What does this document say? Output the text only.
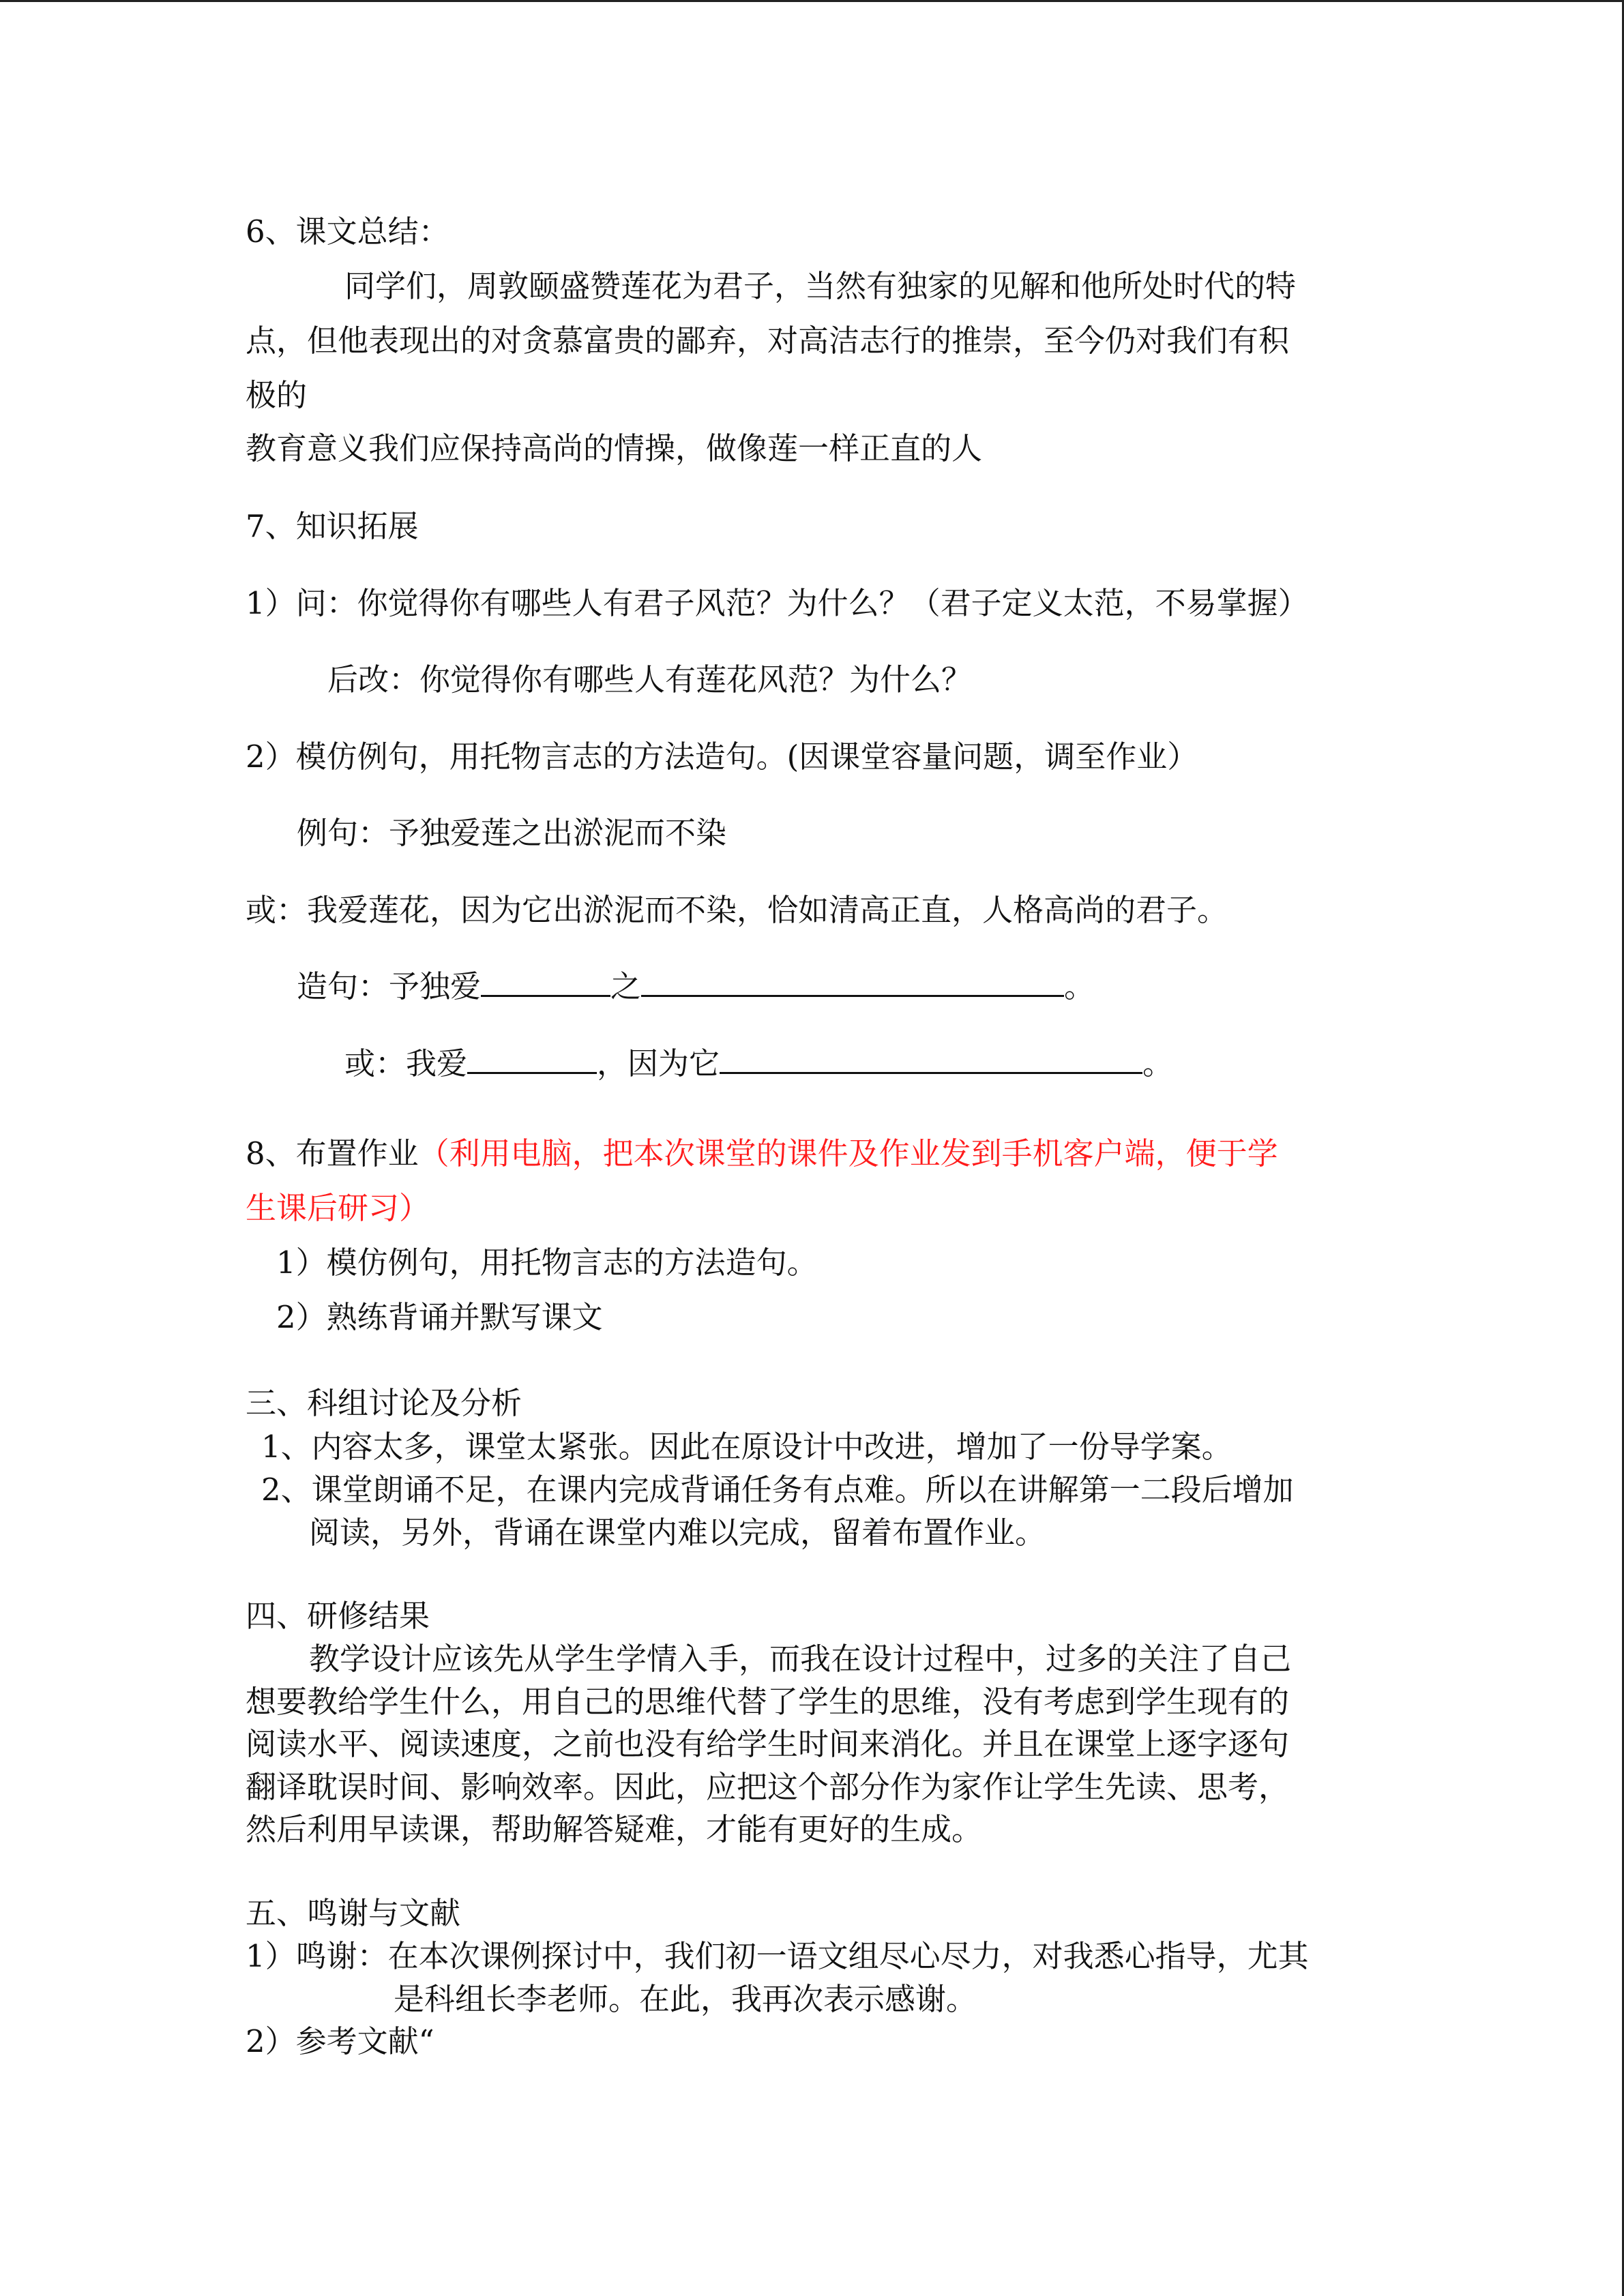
6、课文总结：
同学们，周敦颐盛赞莲花为君子，当然有独家的见解和他所处时代的特
点，但他表现出的对贪慕富贵的鄙弃，对高洁志行的推崇，至今仍对我们有积
极的
教育意义我们应保持高尚的情操，做像莲一样正直的人
7、知识拓展
1）问：你觉得你有哪些人有君子风范？为什么？（君子定义太范，不易掌握）
后改：你觉得你有哪些人有莲花风范？为什么？
2）模仿例句，用托物言志的方法造句。(因课堂容量问题，调至作业）
例句：予独爱莲之出淤泥而不染
或：我爱莲花，因为它出淤泥而不染，恰如清高正直，人格高尚的君子。
造句：予独爱	之	。
或：我爱	，因为它	。
8、布置作业（利用电脑，把本次课堂的课件及作业发到手机客户端，便于学
生课后研习）
1）模仿例句，用托物言志的方法造句。
2）熟练背诵并默写课文
三、科组讨论及分析
1、内容太多，课堂太紧张。因此在原设计中改进，增加了一份导学案。
2、课堂朗诵不足，在课内完成背诵任务有点难。所以在讲解第一二段后增加
阅读，另外，背诵在课堂内难以完成，留着布置作业。
四、研修结果
教学设计应该先从学生学情入手，而我在设计过程中，过多的关注了自己
想要教给学生什么，用自己的思维代替了学生的思维，没有考虑到学生现有的
阅读水平、阅读速度，之前也没有给学生时间来消化。并且在课堂上逐字逐句
翻译耽误时间、影响效率。因此，应把这个部分作为家作让学生先读、思考，
然后利用早读课，帮助解答疑难，才能有更好的生成。
五、鸣谢与文献
1）鸣谢：在本次课例探讨中，我们初一语文组尽心尽力，对我悉心指导，尤其
是科组长李老师。在此，我再次表示感谢。
2）参考文献“
